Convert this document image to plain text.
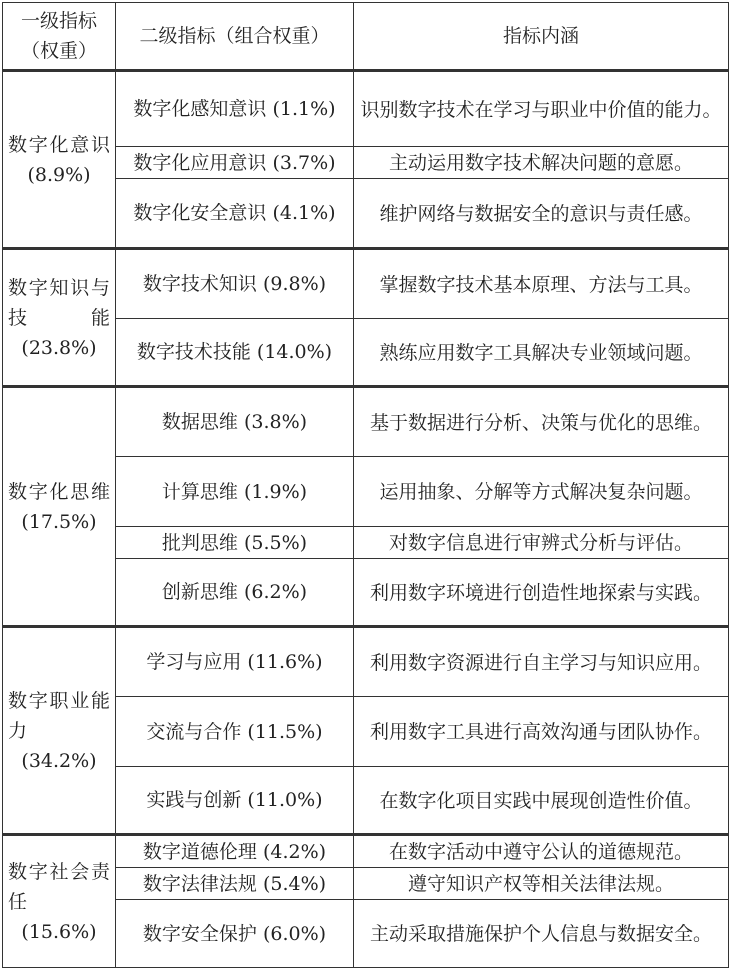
一级指标（权重）	二级指标（组合权重）	指标内涵

数字化意识
(8.9%)	数字化感知意识 (1.1%)	识别数字技术在学习与职业中价值的能力。
	数字化应用意识 (3.7%)	主动运用数字技术解决问题的意愿。
	数字化安全意识 (4.1%)	维护网络与数据安全的意识与责任感。

数字知识与技能
(23.8%)	数字技术知识 (9.8%)	掌握数字技术基本原理、方法与工具。
	数字技术技能 (14.0%)	熟练应用数字工具解决专业领域问题。

数字化思维
(17.5%)	数据思维 (3.8%)	基于数据进行分析、决策与优化的思维。
	计算思维 (1.9%)	运用抽象、分解等方式解决复杂问题。
	批判思维 (5.5%)	对数字信息进行审辨式分析与评估。
	创新思维 (6.2%)	利用数字环境进行创造性地探索与实践。

数字职业能力
(34.2%)	学习与应用 (11.6%)	利用数字资源进行自主学习与知识应用。
	交流与合作 (11.5%)	利用数字工具进行高效沟通与团队协作。
	实践与创新 (11.0%)	在数字化项目实践中展现创造性价值。

数字社会责任
(15.6%)	数字道德伦理 (4.2%)	在数字活动中遵守公认的道德规范。
	数字法律法规 (5.4%)	遵守知识产权等相关法律法规。
	数字安全保护 (6.0%)	主动采取措施保护个人信息与数据安全。
